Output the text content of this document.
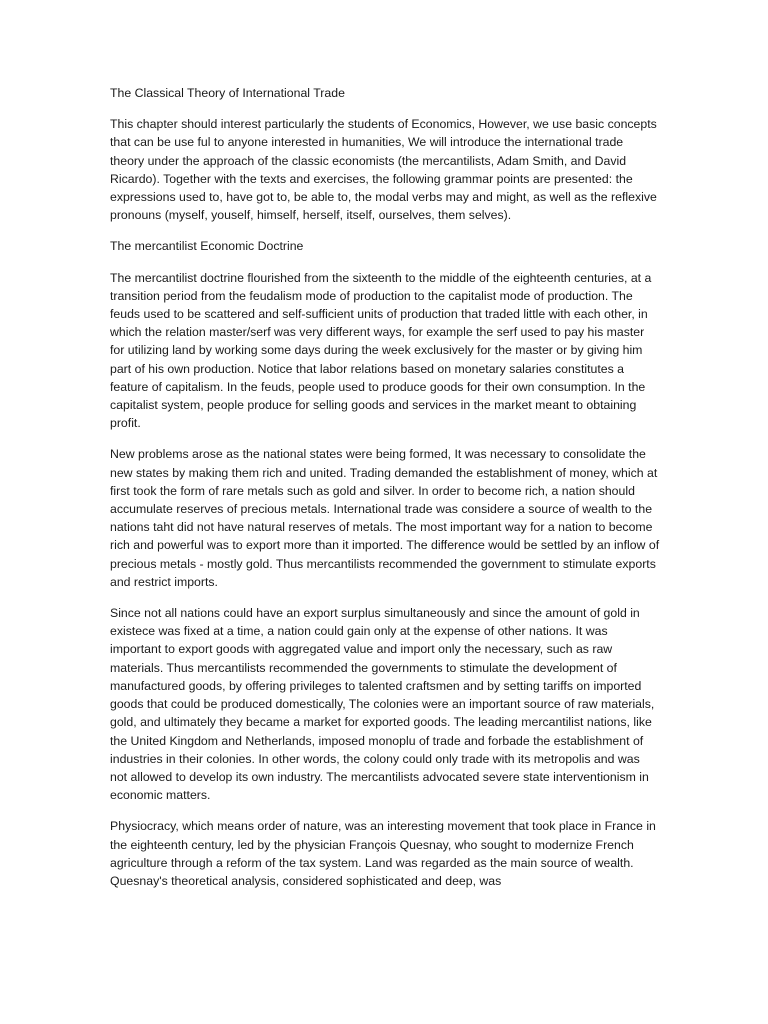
The Classical Theory of International Trade

This chapter should interest particularly the students of Economics, However, we use basic concepts that can be use ful to anyone interested in humanities, We will introduce the international trade theory under the approach of the classic economists (the mercantilists, Adam Smith, and David Ricardo). Together with the texts and exercises, the following grammar points are presented: the expressions used to, have got to, be able to, the modal verbs may and might, as well as the reflexive pronouns (myself, youself, himself, herself, itself, ourselves, them selves).

The mercantilist Economic Doctrine

The mercantilist doctrine flourished from the sixteenth to the middle of the eighteenth centuries, at a transition period from the feudalism mode of production to the capitalist mode of production. The feuds used to be scattered and self-sufficient units of production that traded little with each other, in which the relation master/serf was very different ways, for example the serf used to pay his master for utilizing land by working some days during the week exclusively for the master or by giving him part of his own production. Notice that labor relations based on monetary salaries constitutes a feature of capitalism. In the feuds, people used to produce goods for their own consumption. In the capitalist system, people produce for selling goods and services in the market meant to obtaining profit.

New problems arose as the national states were being formed, It was necessary to consolidate the new states by making them rich and united. Trading demanded the establishment of money, which at first took the form of rare metals such as gold and silver. In order to become rich, a nation should accumulate reserves of precious metals. International trade was considere a source of wealth to the nations taht did not have natural reserves of metals. The most important way for a nation to become rich and powerful was to export more than it imported. The difference would be settled by an inflow of precious metals - mostly gold. Thus mercantilists recommended the government to stimulate exports and restrict imports.

Since not all nations could have an export surplus simultaneously and since the amount of gold in existece was fixed at a time, a nation could gain only at the expense of other nations. It was important to export goods with aggregated value and import only the necessary, such as raw materials. Thus mercantilists recommended the governments to stimulate the development of manufactured goods, by offering privileges to talented craftsmen and by setting tariffs on imported goods that could be produced domestically, The colonies were an important source of raw materials, gold, and ultimately they became a market for exported goods. The leading mercantilist nations, like the United Kingdom and Netherlands, imposed monoplu of trade and forbade the establishment of industries in their colonies. In other words, the colony could only trade with its metropolis and was not allowed to develop its own industry. The mercantilists advocated severe state interventionism in economic matters.

Physiocracy, which means order of nature, was an interesting movement that took place in France in the eighteenth century, led by the physician François Quesnay, who sought to modernize French agriculture through a reform of the tax system. Land was regarded as the main source of wealth. Quesnay's theoretical analysis, considered sophisticated and deep, was
